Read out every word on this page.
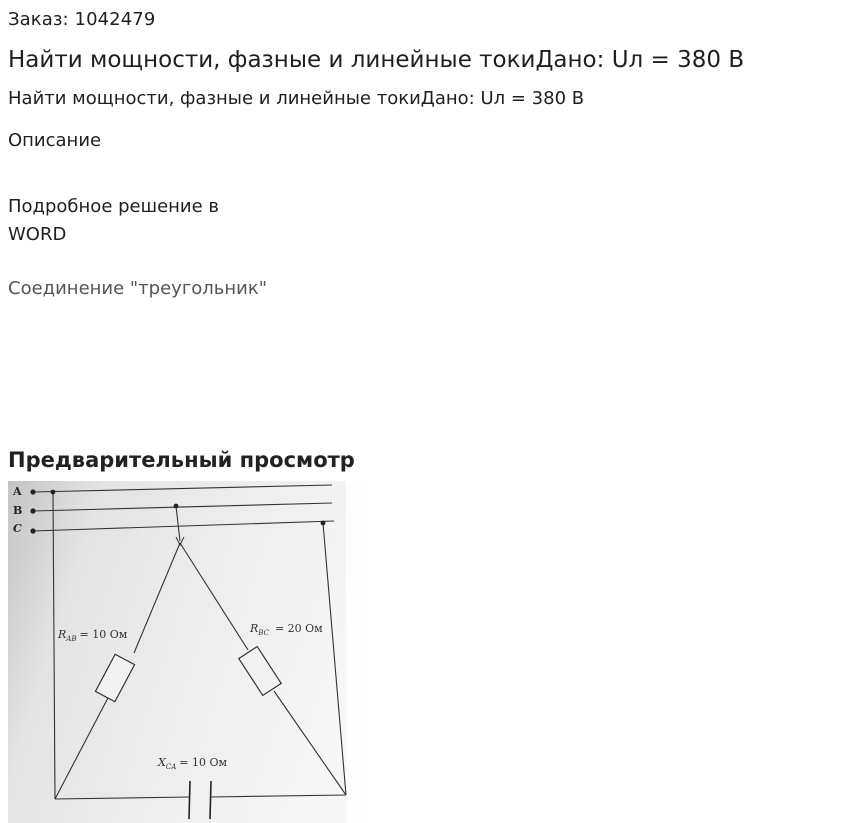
Заказ: 1042479
Найти мощности, фазные и линейные токиДано: Uл = 380 В
Найти мощности, фазные и линейные токиДано: Uл = 380 В
Описание
Подробное решение в WORD
Соединение "треугольник"
Предварительный просмотр
A
B
C
$R_{AB} = 10$ Ом	$R_{BC} = 20$ Ом
$X_{CA} = 10$ Ом
